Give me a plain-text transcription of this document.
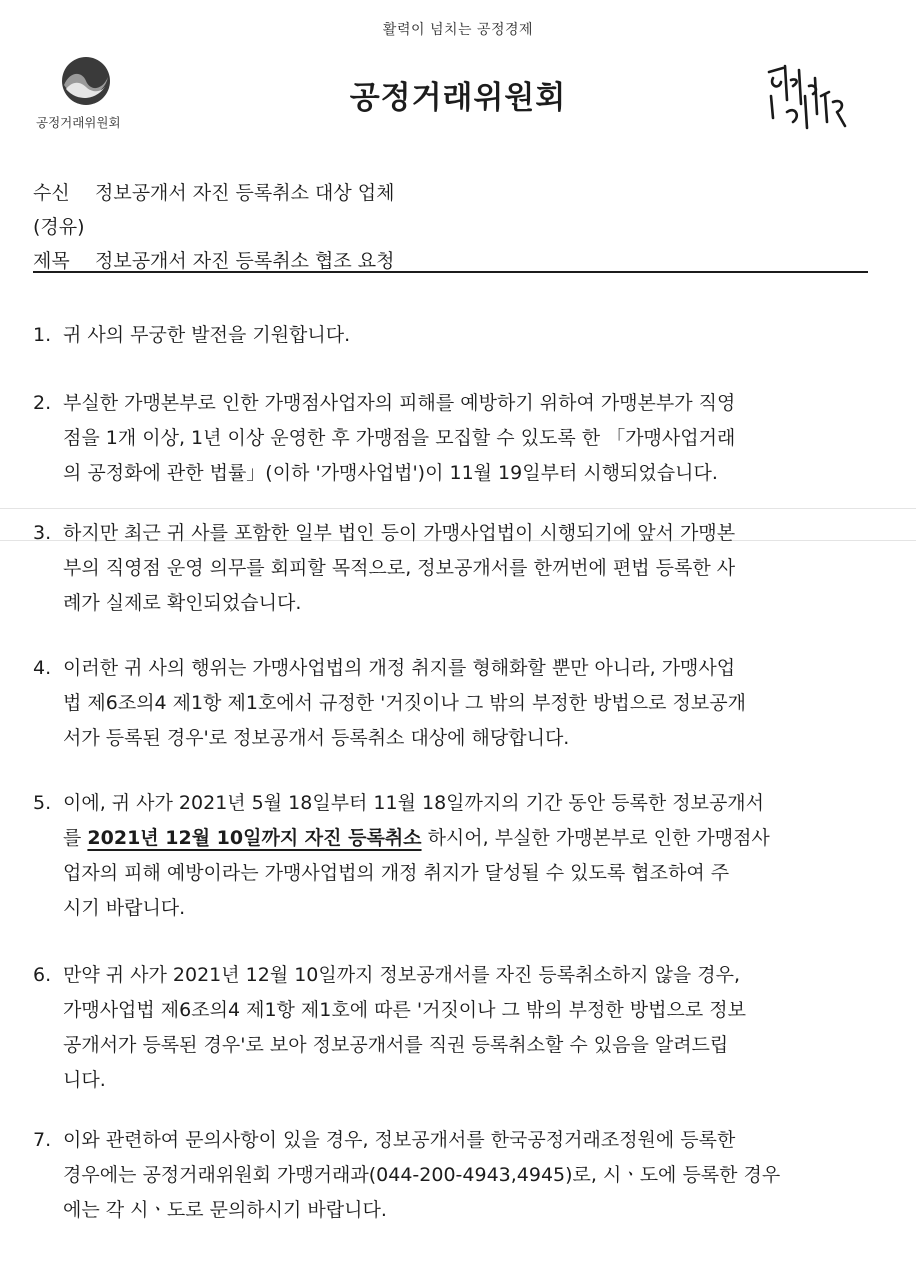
활력이 넘치는 공정경제
공정거래위원회
공정거래위원회
수신 정보공개서 자진 등록취소 대상 업체
(경유)
제목 정보공개서 자진 등록취소 협조 요청
1. 귀 사의 무궁한 발전을 기원합니다.
2. 부실한 가맹본부로 인한 가맹점사업자의 피해를 예방하기 위하여 가맹본부가 직영
점을 1개 이상, 1년 이상 운영한 후 가맹점을 모집할 수 있도록 한 「가맹사업거래
의 공정화에 관한 법률」(이하 '가맹사업법')이 11월 19일부터 시행되었습니다.
3. 하지만 최근 귀 사를 포함한 일부 법인 등이 가맹사업법이 시행되기에 앞서 가맹본
부의 직영점 운영 의무를 회피할 목적으로, 정보공개서를 한꺼번에 편법 등록한 사
례가 실제로 확인되었습니다.
4. 이러한 귀 사의 행위는 가맹사업법의 개정 취지를 형해화할 뿐만 아니라, 가맹사업
법 제6조의4 제1항 제1호에서 규정한 '거짓이나 그 밖의 부정한 방법으로 정보공개
서가 등록된 경우'로 정보공개서 등록취소 대상에 해당합니다.
5. 이에, 귀 사가 2021년 5월 18일부터 11월 18일까지의 기간 동안 등록한 정보공개서
를 2021년 12월 10일까지 자진 등록취소 하시어, 부실한 가맹본부로 인한 가맹점사
업자의 피해 예방이라는 가맹사업법의 개정 취지가 달성될 수 있도록 협조하여 주
시기 바랍니다.
6. 만약 귀 사가 2021년 12월 10일까지 정보공개서를 자진 등록취소하지 않을 경우,
가맹사업법 제6조의4 제1항 제1호에 따른 '거짓이나 그 밖의 부정한 방법으로 정보
공개서가 등록된 경우'로 보아 정보공개서를 직권 등록취소할 수 있음을 알려드립
니다.
7. 이와 관련하여 문의사항이 있을 경우, 정보공개서를 한국공정거래조정원에 등록한
경우에는 공정거래위원회 가맹거래과(044-200-4943,4945)로, 시ㆍ도에 등록한 경우
에는 각 시ㆍ도로 문의하시기 바랍니다.
